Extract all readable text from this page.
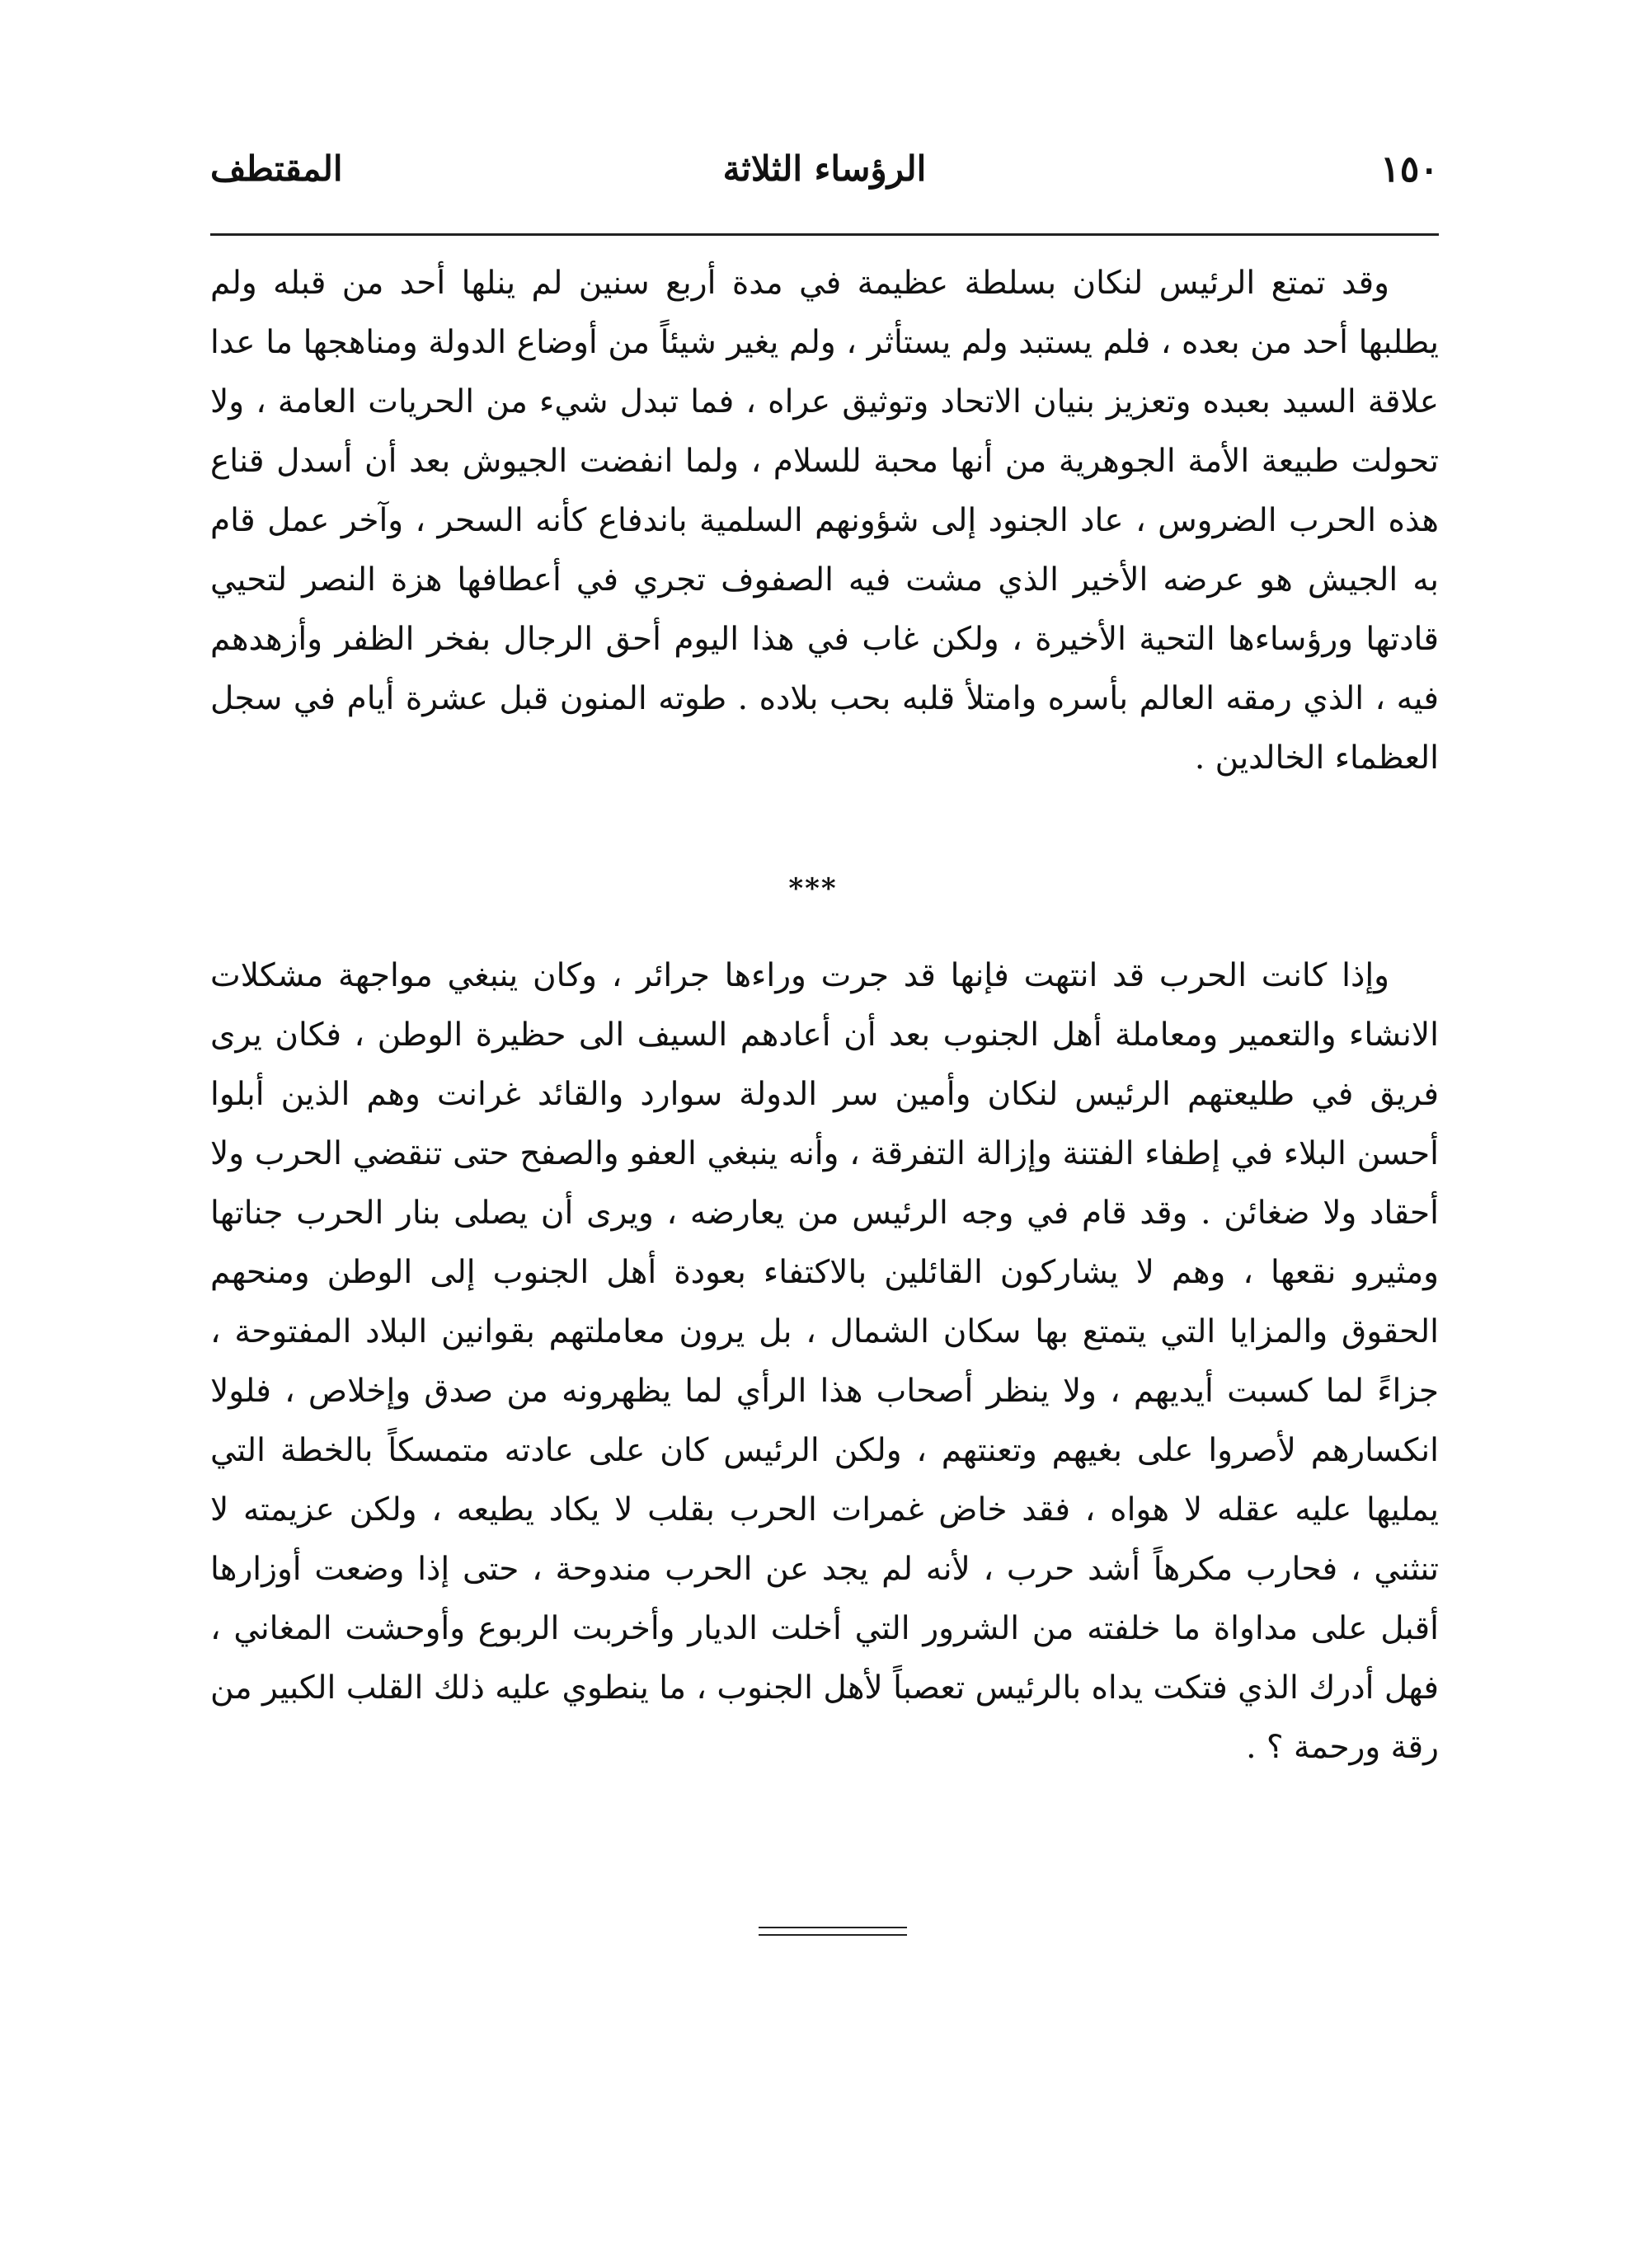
١٥٠
الرؤساء الثلاثة
المقتطف

وقد تمتع الرئيس لنكان بسلطة عظيمة في مدة أربع سنين لم ينلها أحد من قبله ولم يطلبها أحد من بعده ، فلم يستبد ولم يستأثر ، ولم يغير شيئاً من أوضاع الدولة ومناهجها ما عدا علاقة السيد بعبده وتعزيز بنيان الاتحاد وتوثيق عراه ، فما تبدل شيء من الحريات العامة ، ولا تحولت طبيعة الأمة الجوهرية من أنها محبة للسلام ، ولما انفضت الجيوش بعد أن أسدل قناع هذه الحرب الضروس ، عاد الجنود إلى شؤونهم السلمية باندفاع كأنه السحر ، وآخر عمل قام به الجيش هو عرضه الأخير الذي مشت فيه الصفوف تجري في أعطافها هزة النصر لتحيي قادتها ورؤساءها التحية الأخيرة ، ولكن غاب في هذا اليوم أحق الرجال بفخر الظفر وأزهدهم فيه ، الذي رمقه العالم بأسره وامتلأ قلبه بحب بلاده . طوته المنون قبل عشرة أيام في سجل العظماء الخالدين .

***

وإذا كانت الحرب قد انتهت فإنها قد جرت وراءها جرائر ، وكان ينبغي مواجهة مشكلات الانشاء والتعمير ومعاملة أهل الجنوب بعد أن أعادهم السيف الى حظيرة الوطن ، فكان يرى فريق في طليعتهم الرئيس لنكان وأمين سر الدولة سوارد والقائد غرانت وهم الذين أبلوا أحسن البلاء في إطفاء الفتنة وإزالة التفرقة ، وأنه ينبغي العفو والصفح حتى تنقضي الحرب ولا أحقاد ولا ضغائن . وقد قام في وجه الرئيس من يعارضه ، ويرى أن يصلى بنار الحرب جناتها ومثيرو نقعها ، وهم لا يشاركون القائلين بالاكتفاء بعودة أهل الجنوب إلى الوطن ومنحهم الحقوق والمزايا التي يتمتع بها سكان الشمال ، بل يرون معاملتهم بقوانين البلاد المفتوحة ، جزاءً لما كسبت أيديهم ، ولا ينظر أصحاب هذا الرأي لما يظهرونه من صدق وإخلاص ، فلولا انكسارهم لأصروا على بغيهم وتعنتهم ، ولكن الرئيس كان على عادته متمسكاً بالخطة التي يمليها عليه عقله لا هواه ، فقد خاض غمرات الحرب بقلب لا يكاد يطيعه ، ولكن عزيمته لا تنثني ، فحارب مكرهاً أشد حرب ، لأنه لم يجد عن الحرب مندوحة ، حتى إذا وضعت أوزارها أقبل على مداواة ما خلفته من الشرور التي أخلت الديار وأخربت الربوع وأوحشت المغاني ، فهل أدرك الذي فتكت يداه بالرئيس تعصباً لأهل الجنوب ، ما ينطوي عليه ذلك القلب الكبير من رقة ورحمة ؟ .
